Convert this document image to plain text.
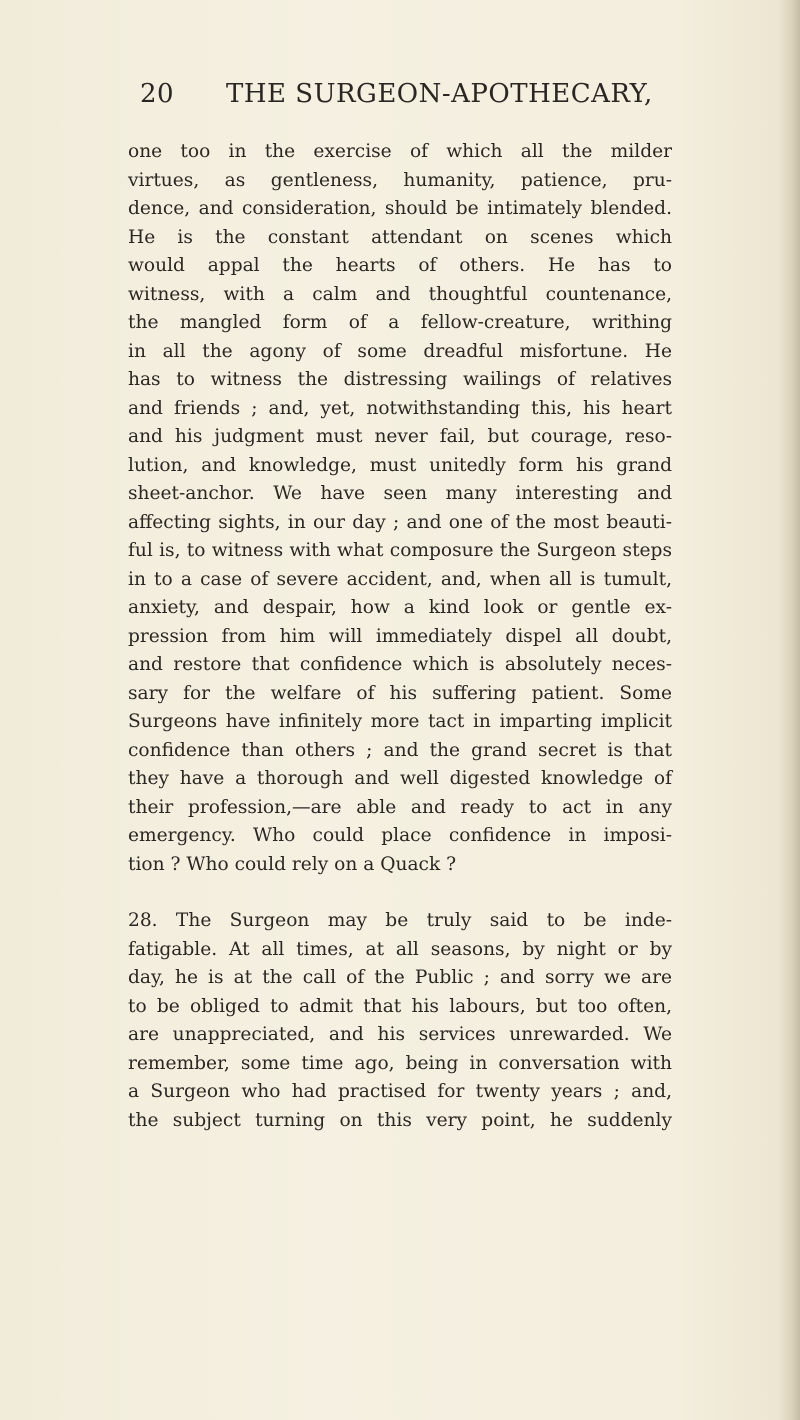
20 THE SURGEON-APOTHECARY,
one too in the exercise of which all the milder
virtues, as gentleness, humanity, patience, pru-
dence, and consideration, should be intimately blended.
He is the constant attendant on scenes which
would appal the hearts of others. He has to
witness, with a calm and thoughtful countenance,
the mangled form of a fellow-creature, writhing
in all the agony of some dreadful misfortune. He
has to witness the distressing wailings of relatives
and friends ; and, yet, notwithstanding this, his heart
and his judgment must never fail, but courage, reso-
lution, and knowledge, must unitedly form his grand
sheet-anchor. We have seen many interesting and
affecting sights, in our day ; and one of the most beauti-
ful is, to witness with what composure the Surgeon steps
in to a case of severe accident, and, when all is tumult,
anxiety, and despair, how a kind look or gentle ex-
pression from him will immediately dispel all doubt,
and restore that confidence which is absolutely neces-
sary for the welfare of his suffering patient. Some
Surgeons have infinitely more tact in imparting implicit
confidence than others ; and the grand secret is that
they have a thorough and well digested knowledge of
their profession,—are able and ready to act in any
emergency. Who could place confidence in imposi-
tion ? Who could rely on a Quack ?
28. The Surgeon may be truly said to be inde-
fatigable. At all times, at all seasons, by night or by
day, he is at the call of the Public ; and sorry we are
to be obliged to admit that his labours, but too often,
are unappreciated, and his services unrewarded. We
remember, some time ago, being in conversation with
a Surgeon who had practised for twenty years ; and,
the subject turning on this very point, he suddenly
